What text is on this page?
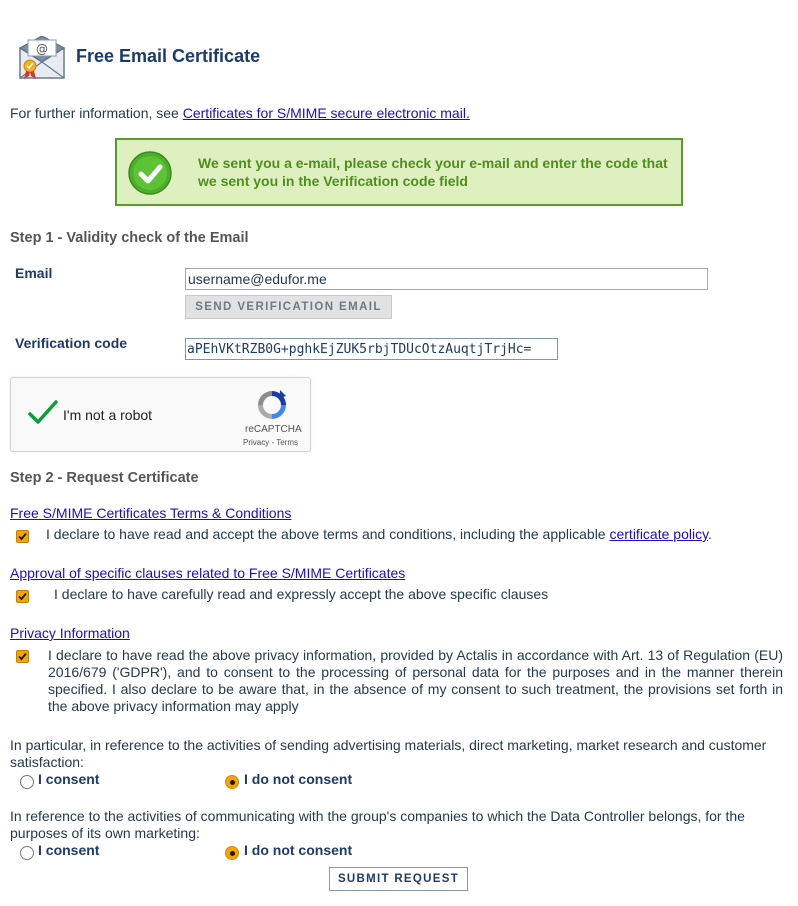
@ Free Email Certificate
For further information, see Certificates for S/MIME secure electronic mail.
We sent you a e-mail, please check your e-mail and enter the code that we sent you in the Verification code field
Step 1 - Validity check of the Email
Email
username@edufor.me
SEND VERIFICATION EMAIL
Verification code
aPEhVKtRZB0G+pghkEjZUK5rbjTDUcOtzAuqtjTrjHc=
I'm not a robot
reCAPTCHA
Privacy - Terms
Step 2 - Request Certificate
Free S/MIME Certificates Terms & Conditions
I declare to have read and accept the above terms and conditions, including the applicable certificate policy.
Approval of specific clauses related to Free S/MIME Certificates
I declare to have carefully read and expressly accept the above specific clauses
Privacy Information
I declare to have read the above privacy information, provided by Actalis in accordance with Art. 13 of Regulation (EU) 2016/679 ('GDPR'), and to consent to the processing of personal data for the purposes and in the manner therein specified. I also declare to be aware that, in the absence of my consent to such treatment, the provisions set forth in the above privacy information may apply
In particular, in reference to the activities of sending advertising materials, direct marketing, market research and customer satisfaction:
I consent	I do not consent
In reference to the activities of communicating with the group's companies to which the Data Controller belongs, for the purposes of its own marketing:
I consent	I do not consent
SUBMIT REQUEST
